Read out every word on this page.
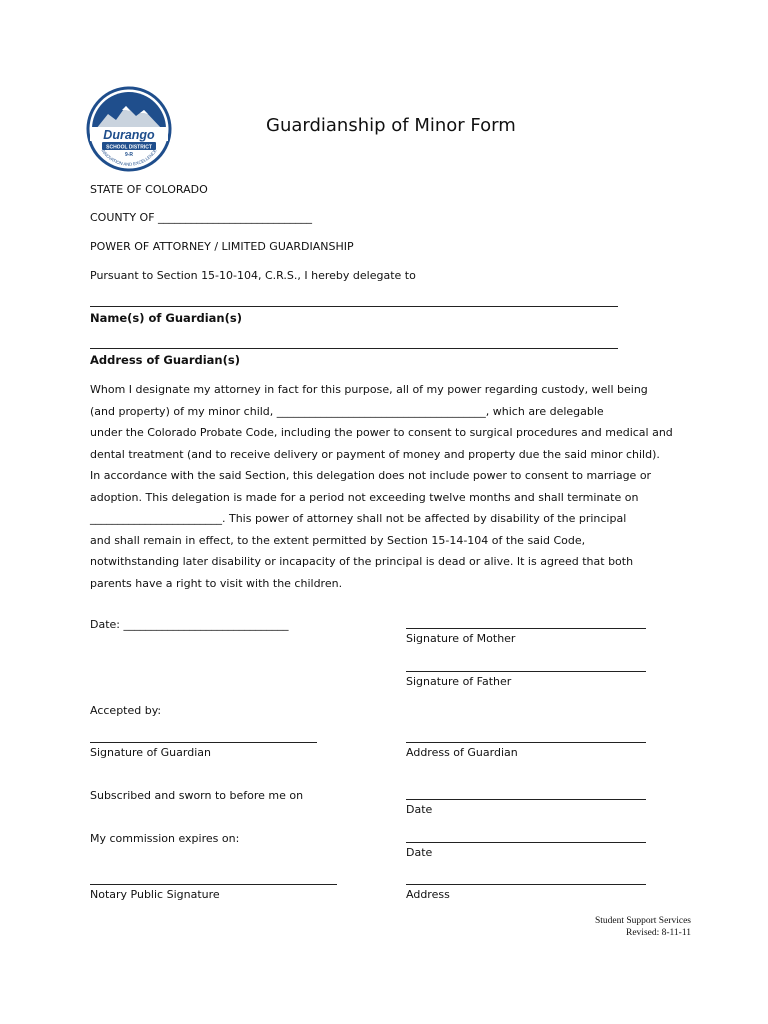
Durango
SCHOOL DISTRICT
9-R
INNOVATION AND EXCELLENCE
Guardianship of Minor Form
STATE OF COLORADO
COUNTY OF ____________________________
POWER OF ATTORNEY / LIMITED GUARDIANSHIP
Pursuant to Section 15-10-104, C.R.S., I hereby delegate to
Name(s) of Guardian(s)
Address of Guardian(s)
Whom I designate my attorney in fact for this purpose, all of my power regarding custody, well being
(and property) of my minor child, ______________________________________, which are delegable
under the Colorado Probate Code, including the power to consent to surgical procedures and medical and
dental treatment (and to receive delivery or payment of money and property due the said minor child).
In accordance with the said Section, this delegation does not include power to consent to marriage or
adoption. This delegation is made for a period not exceeding twelve months and shall terminate on
________________________. This power of attorney shall not be affected by disability of the principal
and shall remain in effect, to the extent permitted by Section 15-14-104 of the said Code,
notwithstanding later disability or incapacity of the principal is dead or alive. It is agreed that both
parents have a right to visit with the children.
Date: ______________________________
Signature of Mother
Signature of Father
Accepted by:
Signature of Guardian	Address of Guardian
Subscribed and sworn to before me on
Date
My commission expires on:
Date
Notary Public Signature	Address
Student Support Services
Revised: 8-11-11
